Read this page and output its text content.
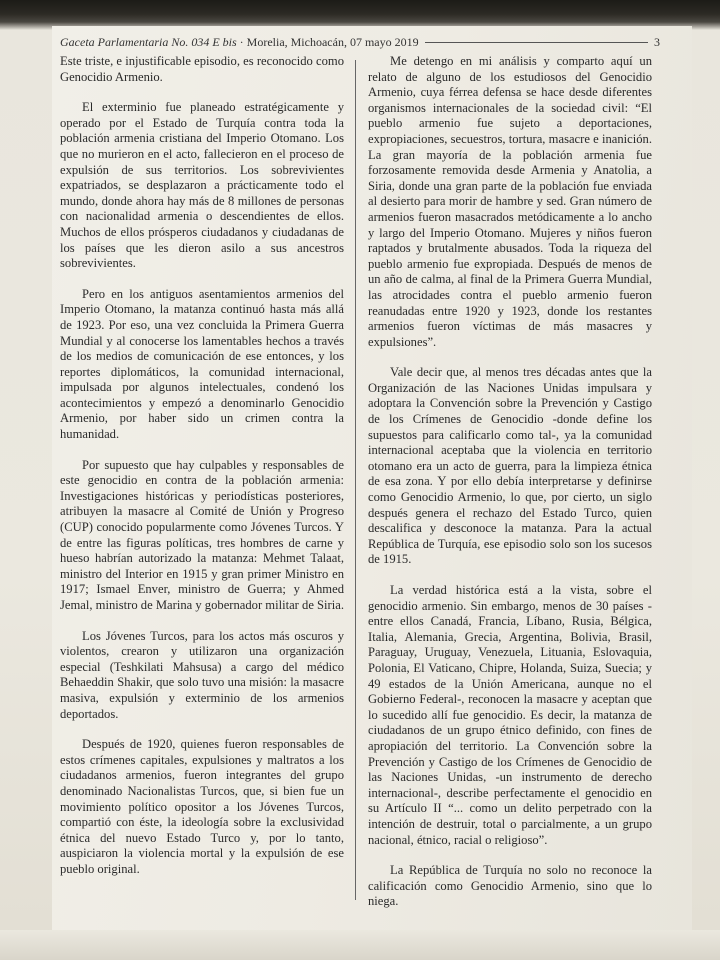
Gaceta Parlamentaria No. 034 E bis
· Morelia, Michoacán, 07 mayo 2019	3

Este triste, e injustificable episodio, es reconocido como Genocidio Armenio.

El exterminio fue planeado estratégicamente y operado por el Estado de Turquía contra toda la población armenia cristiana del Imperio Otomano. Los que no murieron en el acto, fallecieron en el proceso de expulsión de sus territorios. Los sobrevivientes expatriados, se desplazaron a prácticamente todo el mundo, donde ahora hay más de 8 millones de personas con nacionalidad armenia o descendientes de ellos. Muchos de ellos prósperos ciudadanos y ciudadanas de los países que les dieron asilo a sus ancestros sobrevivientes.

Pero en los antiguos asentamientos armenios del Imperio Otomano, la matanza continuó hasta más allá de 1923. Por eso, una vez concluida la Primera Guerra Mundial y al conocerse los lamentables hechos a través de los medios de comunicación de ese entonces, y los reportes diplomáticos, la comunidad internacional, impulsada por algunos intelectuales, condenó los acontecimientos y empezó a denominarlo Genocidio Armenio, por haber sido un crimen contra la humanidad.

Por supuesto que hay culpables y responsables de este genocidio en contra de la población armenia: Investigaciones históricas y periodísticas posteriores, atribuyen la masacre al Comité de Unión y Progreso (CUP) conocido popularmente como Jóvenes Turcos. Y de entre las figuras políticas, tres hombres de carne y hueso habrían autorizado la matanza: Mehmet Talaat, ministro del Interior en 1915 y gran primer Ministro en 1917; Ismael Enver, ministro de Guerra; y Ahmed Jemal, ministro de Marina y gobernador militar de Siria.

Los Jóvenes Turcos, para los actos más oscuros y violentos, crearon y utilizaron una organización especial (Teshkilati Mahsusa) a cargo del médico Behaeddin Shakir, que solo tuvo una misión: la masacre masiva, expulsión y exterminio de los armenios deportados.

Después de 1920, quienes fueron responsables de estos crímenes capitales, expulsiones y maltratos a los ciudadanos armenios, fueron integrantes del grupo denominado Nacionalistas Turcos, que, si bien fue un movimiento político opositor a los Jóvenes Turcos, compartió con éste, la ideología sobre la exclusividad étnica del nuevo Estado Turco y, por lo tanto, auspiciaron la violencia mortal y la expulsión de ese pueblo original.

Me detengo en mi análisis y comparto aquí un relato de alguno de los estudiosos del Genocidio Armenio, cuya férrea defensa se hace desde diferentes organismos internacionales de la sociedad civil: “El pueblo armenio fue sujeto a deportaciones, expropiaciones, secuestros, tortura, masacre e inanición. La gran mayoría de la población armenia fue forzosamente removida desde Armenia y Anatolia, a Siria, donde una gran parte de la población fue enviada al desierto para morir de hambre y sed. Gran número de armenios fueron masacrados metódicamente a lo ancho y largo del Imperio Otomano. Mujeres y niños fueron raptados y brutalmente abusados. Toda la riqueza del pueblo armenio fue expropiada. Después de menos de un año de calma, al final de la Primera Guerra Mundial, las atrocidades contra el pueblo armenio fueron reanudadas entre 1920 y 1923, donde los restantes armenios fueron víctimas de más masacres y expulsiones”.

Vale decir que, al menos tres décadas antes que la Organización de las Naciones Unidas impulsara y adoptara la Convención sobre la Prevención y Castigo de los Crímenes de Genocidio -donde define los supuestos para calificarlo como tal-, ya la comunidad internacional aceptaba que la violencia en territorio otomano era un acto de guerra, para la limpieza étnica de esa zona. Y por ello debía interpretarse y definirse como Genocidio Armenio, lo que, por cierto, un siglo después genera el rechazo del Estado Turco, quien descalifica y desconoce la matanza. Para la actual República de Turquía, ese episodio solo son los sucesos de 1915.

La verdad histórica está a la vista, sobre el genocidio armenio. Sin embargo, menos de 30 países -entre ellos Canadá, Francia, Líbano, Rusia, Bélgica, Italia, Alemania, Grecia, Argentina, Bolivia, Brasil, Paraguay, Uruguay, Venezuela, Lituania, Eslovaquia, Polonia, El Vaticano, Chipre, Holanda, Suiza, Suecia; y 49 estados de la Unión Americana, aunque no el Gobierno Federal-, reconocen la masacre y aceptan que lo sucedido allí fue genocidio. Es decir, la matanza de ciudadanos de un grupo étnico definido, con fines de apropiación del territorio. La Convención sobre la Prevención y Castigo de los Crímenes de Genocidio de las Naciones Unidas, -un instrumento de derecho internacional-, describe perfectamente el genocidio en su Artículo II “... como un delito perpetrado con la intención de destruir, total o parcialmente, a un grupo nacional, étnico, racial o religioso”.

La República de Turquía no solo no reconoce la calificación como Genocidio Armenio, sino que lo niega.
